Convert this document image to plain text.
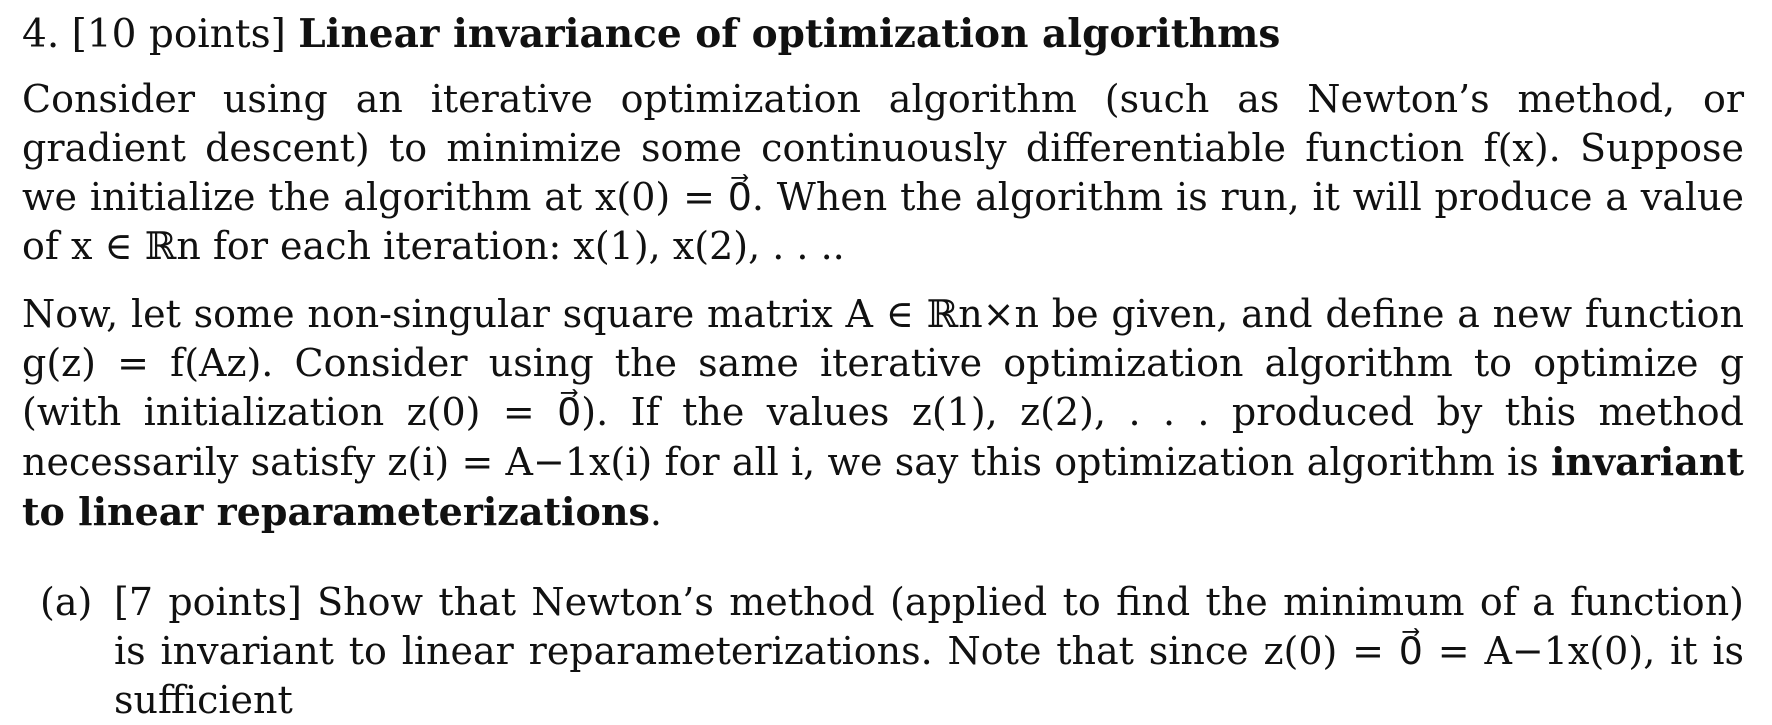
4. [10 points] Linear invariance of optimization algorithms
Consider using an iterative optimization algorithm (such as Newton’s method, or gradient descent) to minimize some continuously differentiable function f(x). Suppose we initialize the algorithm at x(0) = 0⃗. When the algorithm is run, it will produce a value of x ∈ ℝn for each iteration: x(1), x(2), . . ..
Now, let some non-singular square matrix A ∈ ℝn×n be given, and define a new function g(z) = f(Az). Consider using the same iterative optimization algorithm to optimize g (with initialization z(0) = 0⃗). If the values z(1), z(2), . . . produced by this method necessarily satisfy z(i) = A−1x(i) for all i, we say this optimization algorithm is invariant to linear reparameterizations.
(a) [7 points] Show that Newton’s method (applied to find the minimum of a function) is invariant to linear reparameterizations. Note that since z(0) = 0⃗ = A−1x(0), it is sufficient
